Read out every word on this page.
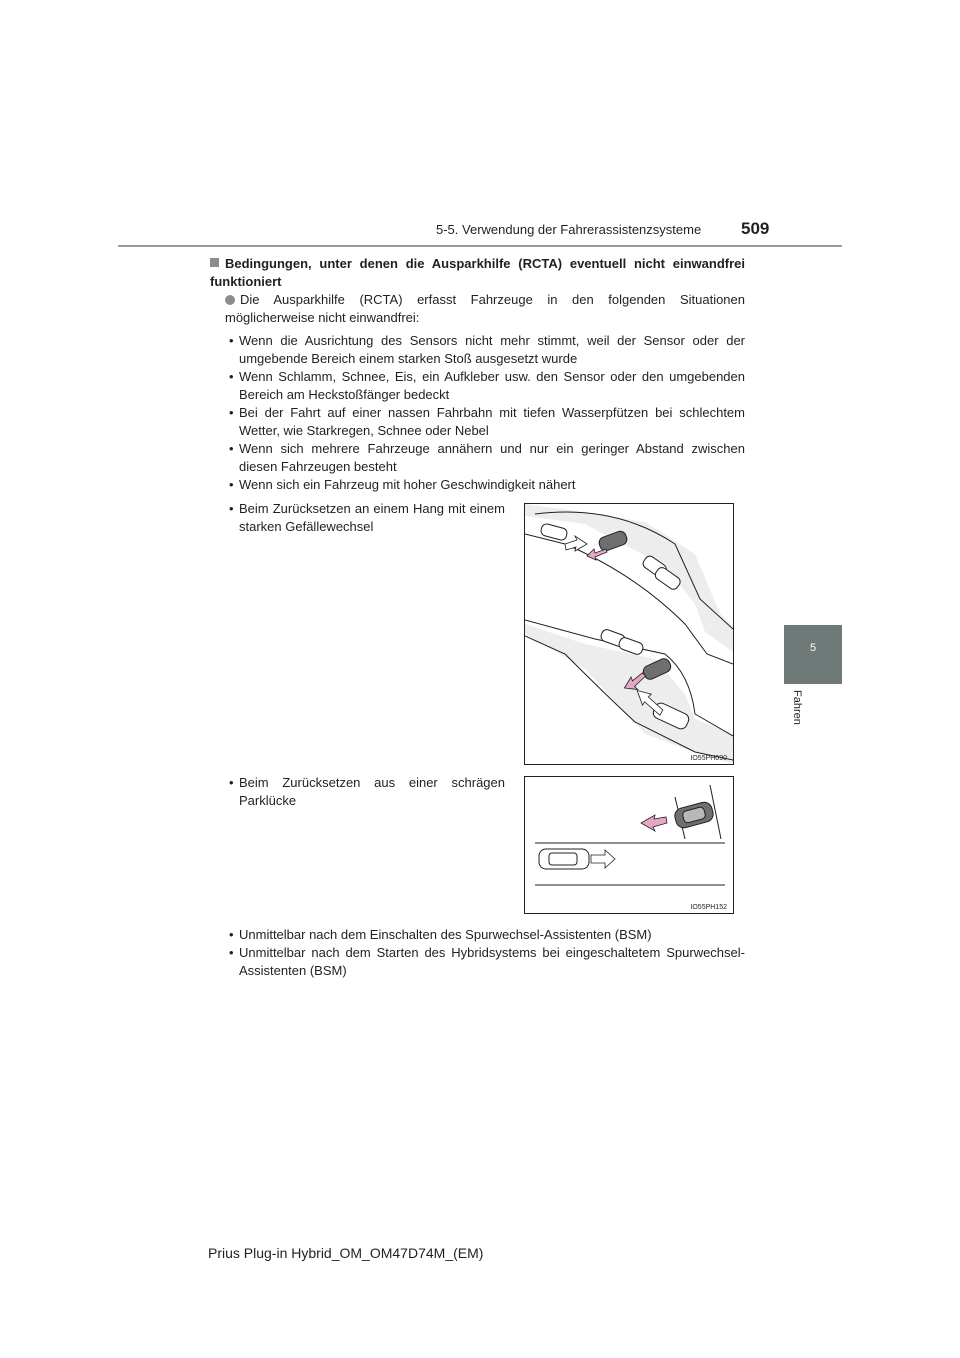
5-5. Verwendung der Fahrerassistenzsysteme 509
5
Fahren
Bedingungen, unter denen die Ausparkhilfe (RCTA) eventuell nicht einwandfrei funktioniert
Die Ausparkhilfe (RCTA) erfasst Fahrzeuge in den folgenden Situationen möglicherweise nicht einwandfrei:
• Wenn die Ausrichtung des Sensors nicht mehr stimmt, weil der Sensor oder der umgebende Bereich einem starken Stoß ausgesetzt wurde
• Wenn Schlamm, Schnee, Eis, ein Aufkleber usw. den Sensor oder den umgebenden Bereich am Heckstoßfänger bedeckt
• Bei der Fahrt auf einer nassen Fahrbahn mit tiefen Wasserpfützen bei schlechtem Wetter, wie Starkregen, Schnee oder Nebel
• Wenn sich mehrere Fahrzeuge annähern und nur ein geringer Abstand zwischen diesen Fahrzeugen besteht
• Wenn sich ein Fahrzeug mit hoher Geschwindigkeit nähert
• Beim Zurücksetzen an einem Hang mit einem starken Gefällewechsel
IO55PH090
• Beim Zurücksetzen aus einer schrägen Parklücke
IO55PH152
• Unmittelbar nach dem Einschalten des Spurwechsel-Assistenten (BSM)
• Unmittelbar nach dem Starten des Hybridsystems bei eingeschaltetem Spurwechsel-Assistenten (BSM)
Prius Plug-in Hybrid_OM_OM47D74M_(EM)
